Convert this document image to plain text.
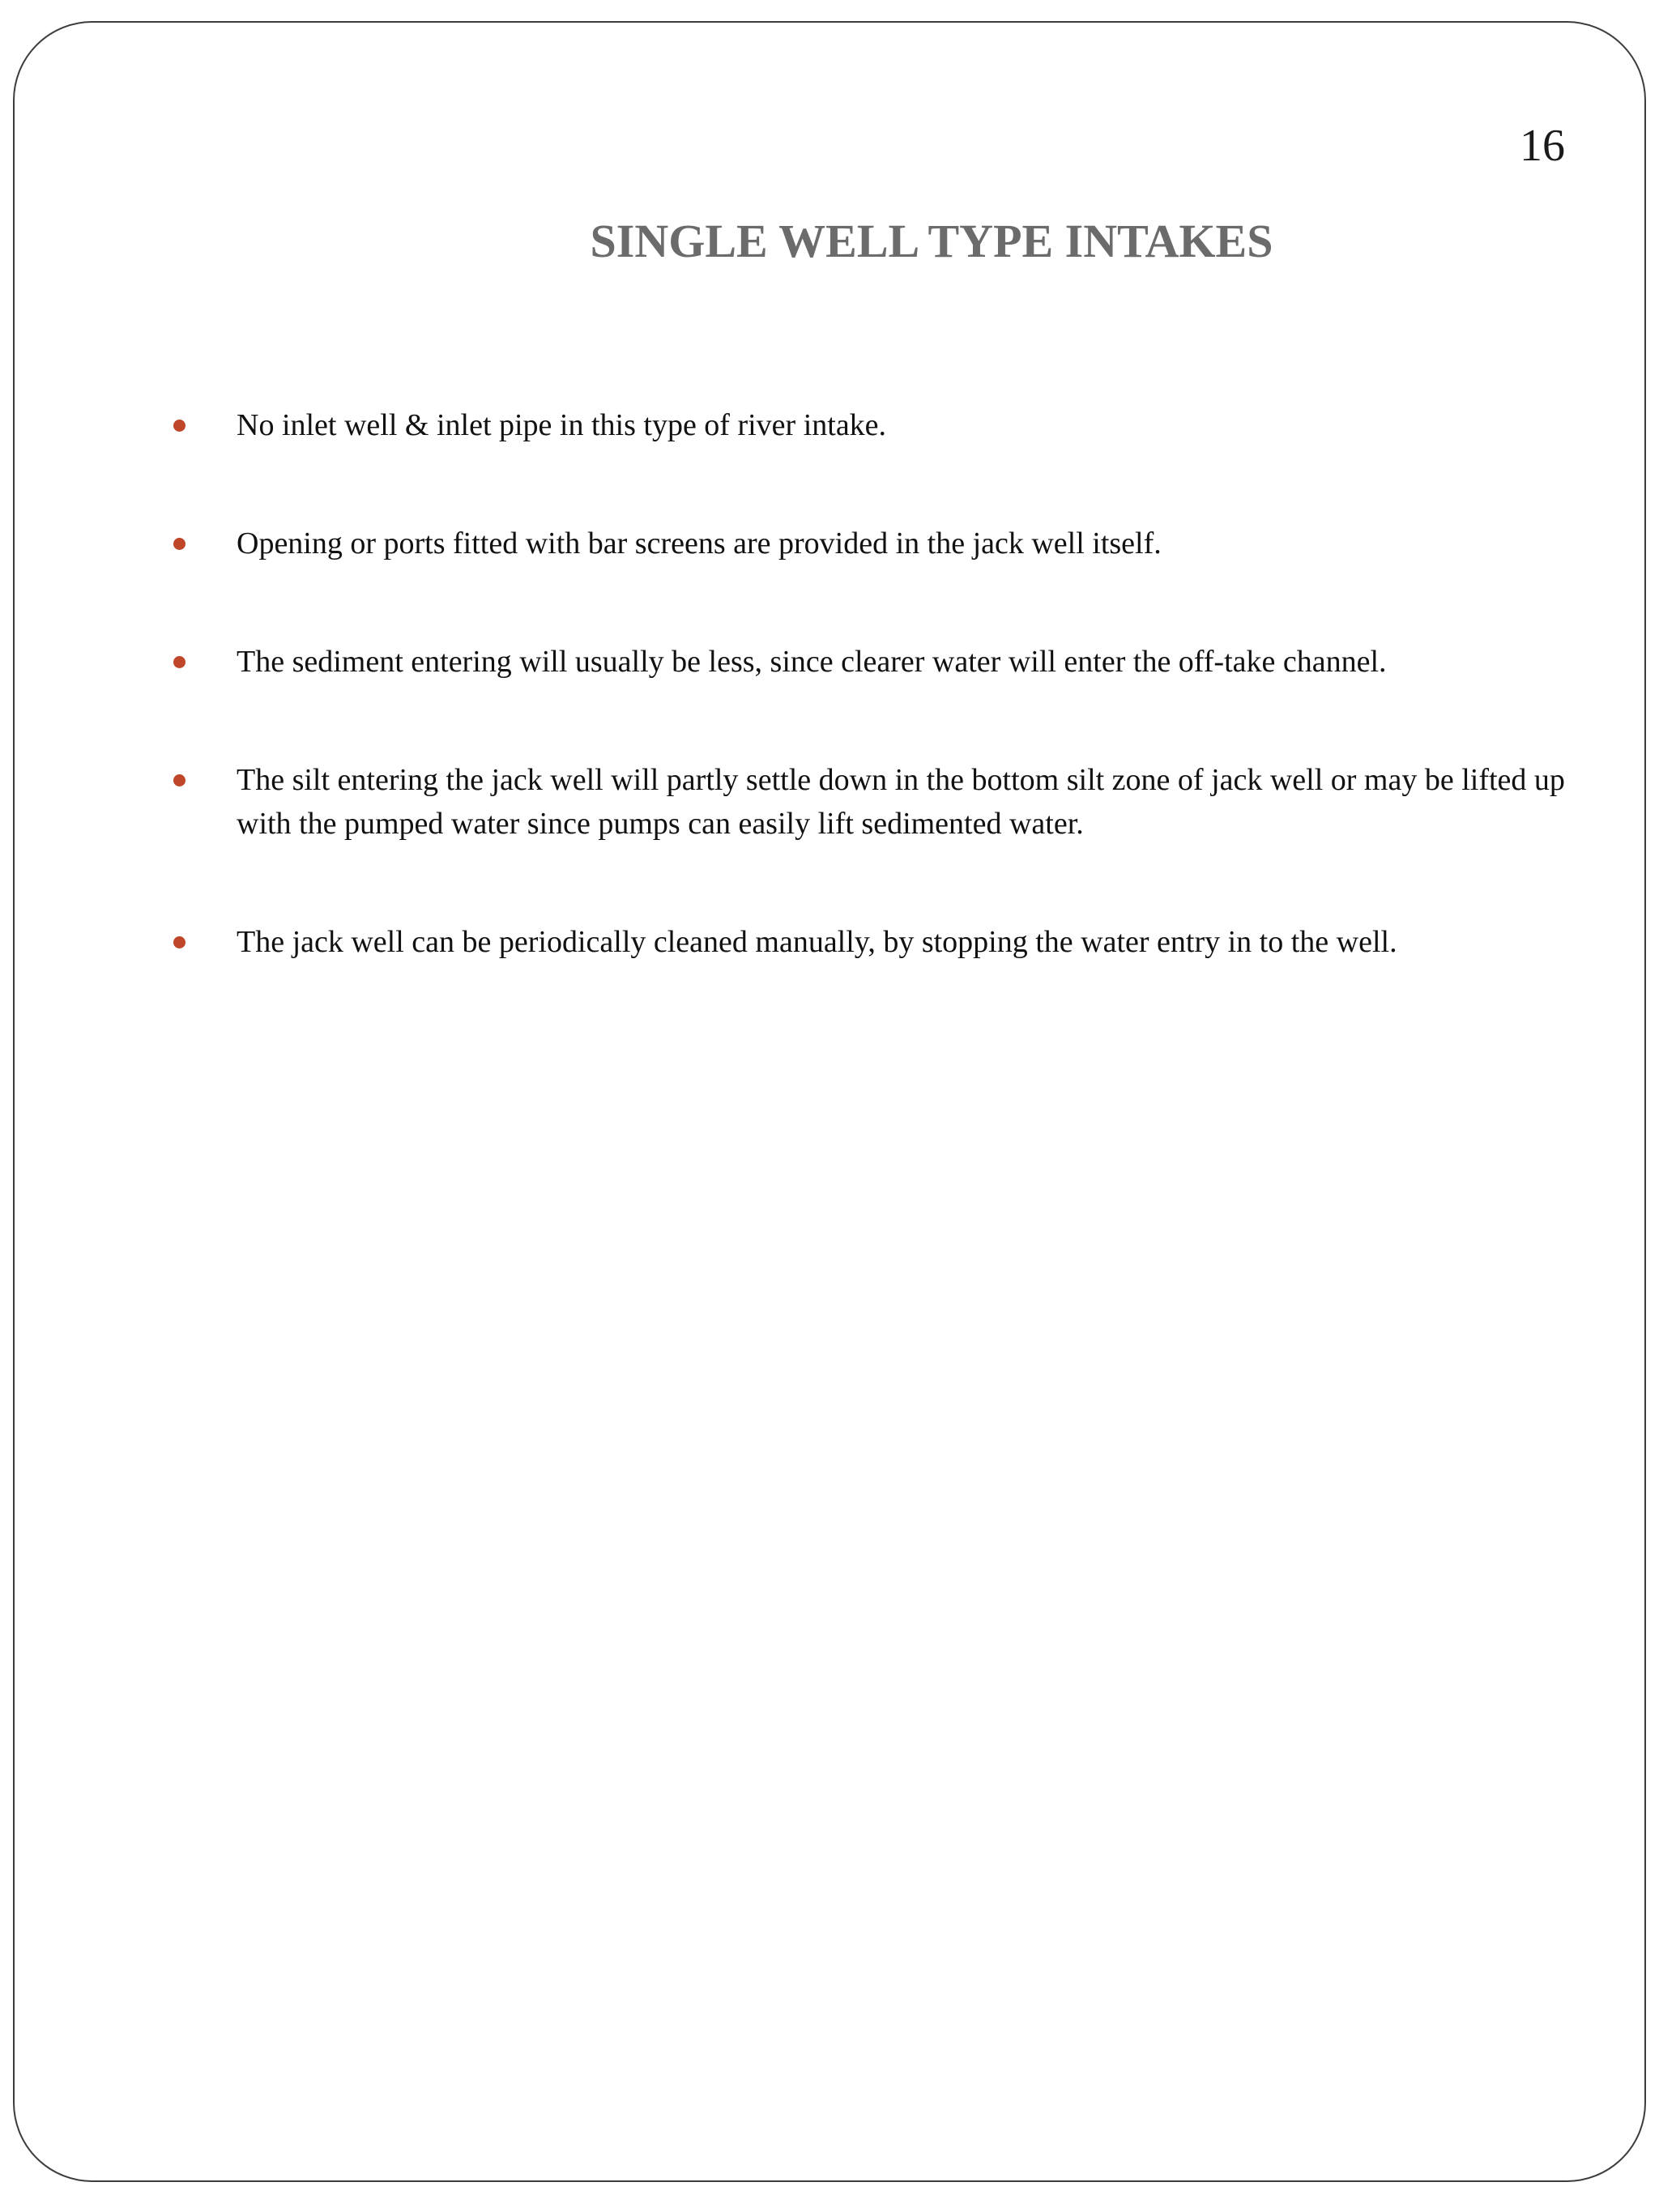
16
SINGLE WELL TYPE INTAKES
No inlet well & inlet pipe in this type of river intake.
Opening or ports fitted with bar screens are provided in the jack well itself.
The sediment entering will usually be less, since clearer water will enter the off-take channel.
The silt entering the jack well will partly settle down in the bottom silt zone of jack well or may be lifted up with the pumped water since pumps can easily lift sedimented water.
The jack well can be periodically cleaned manually, by stopping the water entry in to the well.
